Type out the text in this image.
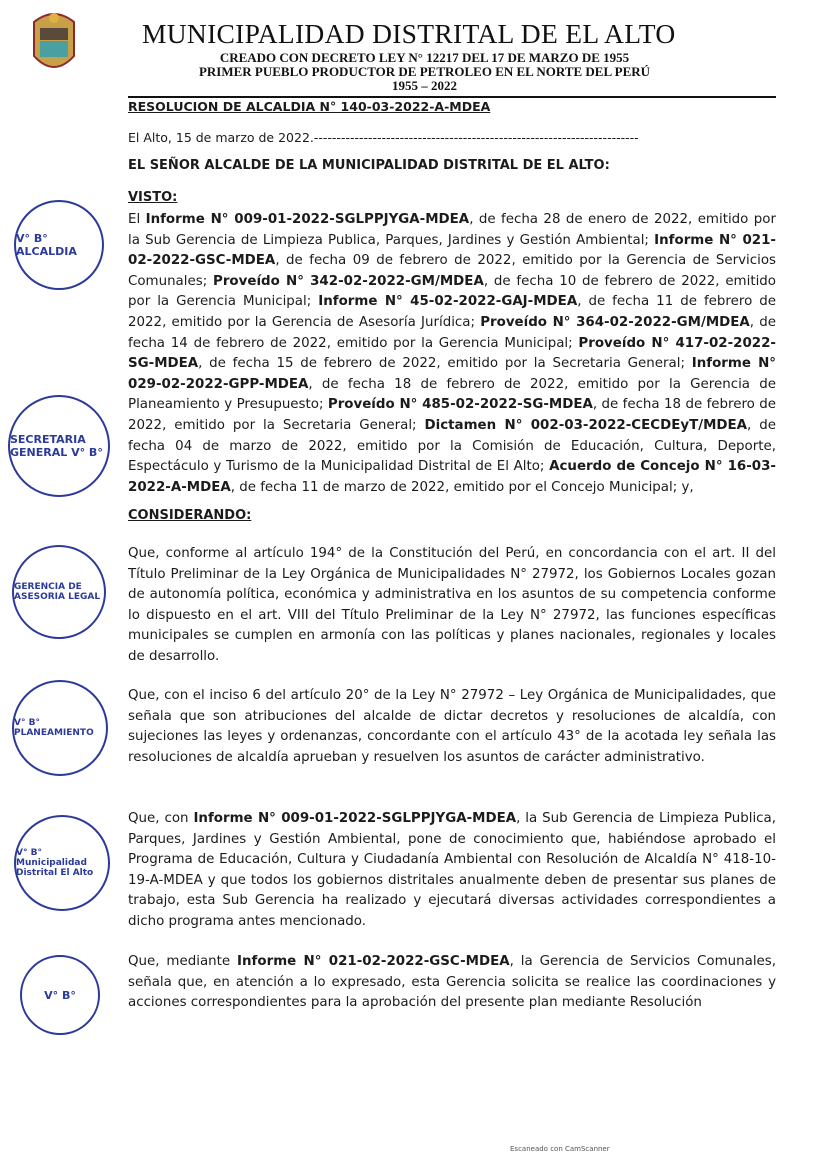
MUNICIPALIDAD DISTRITAL DE EL ALTO
CREADO CON DECRETO LEY N° 12217 DEL 17 DE MARZO DE 1955
PRIMER PUEBLO PRODUCTOR DE PETROLEO EN EL NORTE DEL PERÚ
1955 – 2022
RESOLUCION DE ALCALDIA N° 140-03-2022-A-MDEA
El Alto, 15 de marzo de 2022.------------------------------------------------------------------------
EL SEÑOR ALCALDE DE LA MUNICIPALIDAD DISTRITAL DE EL ALTO:
VISTO:
El Informe N° 009-01-2022-SGLPPJYGA-MDEA, de fecha 28 de enero de 2022, emitido por la Sub Gerencia de Limpieza Publica, Parques, Jardines y Gestión Ambiental; Informe N° 021-02-2022-GSC-MDEA, de fecha 09 de febrero de 2022, emitido por la Gerencia de Servicios Comunales; Proveído N° 342-02-2022-GM/MDEA, de fecha 10 de febrero de 2022, emitido por la Gerencia Municipal; Informe N° 45-02-2022-GAJ-MDEA, de fecha 11 de febrero de 2022, emitido por la Gerencia de Asesoría Jurídica; Proveído N° 364-02-2022-GM/MDEA, de fecha 14 de febrero de 2022, emitido por la Gerencia Municipal; Proveído N° 417-02-2022-SG-MDEA, de fecha 15 de febrero de 2022, emitido por la Secretaria General; Informe N° 029-02-2022-GPP-MDEA, de fecha 18 de febrero de 2022, emitido por la Gerencia de Planeamiento y Presupuesto; Proveído N° 485-02-2022-SG-MDEA, de fecha 18 de febrero de 2022, emitido por la Secretaria General; Dictamen N° 002-03-2022-CECDEyT/MDEA, de fecha 04 de marzo de 2022, emitido por la Comisión de Educación, Cultura, Deporte, Espectáculo y Turismo de la Municipalidad Distrital de El Alto; Acuerdo de Concejo N° 16-03-2022-A-MDEA, de fecha 11 de marzo de 2022, emitido por el Concejo Municipal; y,
CONSIDERANDO:
Que, conforme al artículo 194° de la Constitución del Perú, en concordancia con el art. II del Título Preliminar de la Ley Orgánica de Municipalidades N° 27972, los Gobiernos Locales gozan de autonomía política, económica y administrativa en los asuntos de su competencia conforme lo dispuesto en el art. VIII del Título Preliminar de la Ley N° 27972, las funciones específicas municipales se cumplen en armonía con las políticas y planes nacionales, regionales y locales de desarrollo.
Que, con el inciso 6 del artículo 20° de la Ley N° 27972 – Ley Orgánica de Municipalidades, que señala que son atribuciones del alcalde de dictar decretos y resoluciones de alcaldía, con sujeciones las leyes y ordenanzas, concordante con el artículo 43° de la acotada ley señala las resoluciones de alcaldía aprueban y resuelven los asuntos de carácter administrativo.
Que, con Informe N° 009-01-2022-SGLPPJYGA-MDEA, la Sub Gerencia de Limpieza Publica, Parques, Jardines y Gestión Ambiental, pone de conocimiento que, habiéndose aprobado el Programa de Educación, Cultura y Ciudadanía Ambiental con Resolución de Alcaldía N° 418-10-19-A-MDEA y que todos los gobiernos distritales anualmente deben de presentar sus planes de trabajo, esta Sub Gerencia ha realizado y ejecutará diversas actividades correspondientes a dicho programa antes mencionado.
Que, mediante Informe N° 021-02-2022-GSC-MDEA, la Gerencia de Servicios Comunales, señala que, en atención a lo expresado, esta Gerencia solicita se realice las coordinaciones y acciones correspondientes para la aprobación del presente plan mediante Resolución
V° B° ALCALDIA
SECRETARIA GENERAL V° B°
GERENCIA DE ASESORIA LEGAL
V° B° PLANEAMIENTO
V° B° Municipalidad Distrital El Alto
V° B°
Escaneado con CamScanner
